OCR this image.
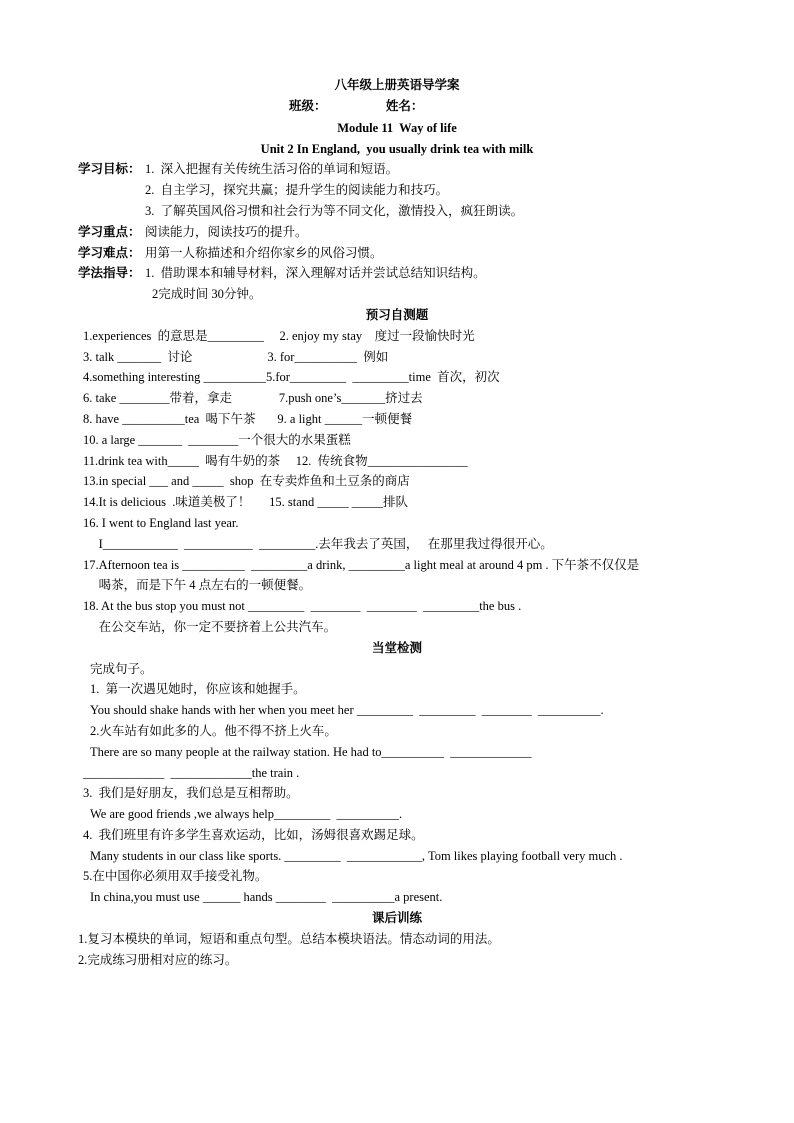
八年级上册英语导学案
班级：                   姓名：
Module 11  Way of life
Unit 2 In England,  you usually drink tea with milk
学习目标： 1.  深入把握有关传统生活习俗的单词和短语。
2.  自主学习，探究共赢；提升学生的阅读能力和技巧。
3.  了解英国风俗习惯和社会行为等不同文化，激情投入，疯狂朗读。
学习重点： 阅读能力，阅读技巧的提升。
学习难点： 用第一人称描述和介绍你家乡的风俗习惯。
学法指导： 1.  借助课本和辅导材料，深入理解对话并尝试总结知识结构。
2完成时间 30分钟。
预习自测题
1.experiences  的意思是_________     2. enjoy my stay    度过一段愉快时光
3. talk _______  讨论                        3. for__________  例如
4.something interesting __________5.for_________  _________time  首次，初次
6. take ________带着，拿走               7.push one’s_______挤过去
8. have __________tea  喝下午茶       9. a light ______一顿便餐
10. a large _______  ________一个很大的水果蛋糕
11.drink tea with_____  喝有牛奶的茶     12.  传统食物________________
13.in special ___ and _____  shop  在专卖炸鱼和土豆条的商店
14.It is delicious  .味道美极了！      15. stand _____ _____排队
16. I went to England last year.
I____________  ___________  _________.去年我去了英国，   在那里我过得很开心。
17.Afternoon tea is __________  _________a drink, _________a light meal at around 4 pm . 下午茶不仅仅是
喝茶，而是下午 4 点左右的一顿便餐。
18. At the bus stop you must not _________  ________  ________  _________the bus .
在公交车站，你一定不要挤着上公共汽车。
当堂检测
完成句子。
1.  第一次遇见她时，你应该和她握手。
You should shake hands with her when you meet her _________  _________  ________  __________.
2.火车站有如此多的人。他不得不挤上火车。
There are so many people at the railway station. He had to__________  _____________
_____________  _____________the train .
3.  我们是好朋友，我们总是互相帮助。
We are good friends ,we always help_________  __________.
4.  我们班里有许多学生喜欢运动，比如，汤姆很喜欢踢足球。
Many students in our class like sports. _________  ____________, Tom likes playing football very much .
5.在中国你必须用双手接受礼物。
In china,you must use ______ hands ________  __________a present.
课后训练
1.复习本模块的单词，短语和重点句型。总结本模块语法。情态动词的用法。
2.完成练习册相对应的练习。
